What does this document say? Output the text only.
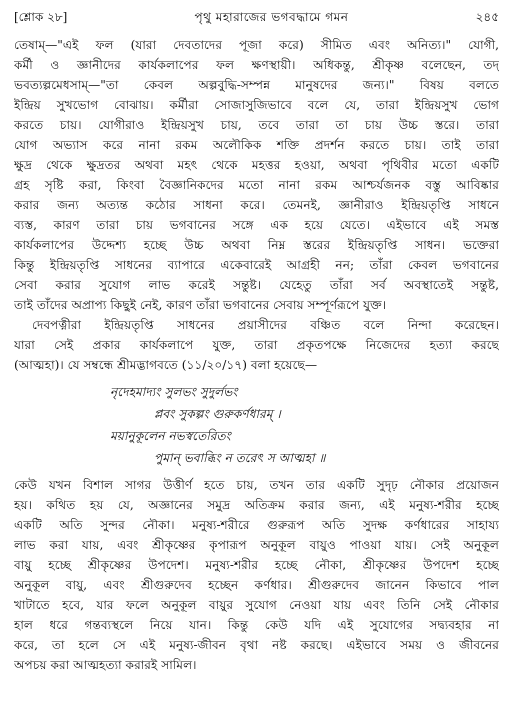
[শ্লোক ২৮]	পৃথু মহারাজের ভগবদ্ধামে গমন	২৪৫
তেষাম্‌—"এই ফল (যারা দেবতাদের পূজা করে) সীমিত এবং অনিত্য।" যোগী,
কর্মী ও জ্ঞানীদের কার্যকলাপের ফল ক্ষণস্থায়ী। অধিকন্তু, শ্রীকৃষ্ণ বলেছেন, তদ্‌
ভবত্যল্পমেধসাম্‌—"তা কেবল অল্পবুদ্ধি-সম্পন্ন মানুষদের জন্য।" বিষয় বলতে
ইন্দ্রিয় সুখভোগ বোঝায়। কর্মীরা সোজাসুজিভাবে বলে যে, তারা ইন্দ্রিয়সুখ ভোগ
করতে চায়। যোগীরাও ইন্দ্রিয়সুখ চায়, তবে তারা তা চায় উচ্চ স্তরে। তারা
যোগ অভ্যাস করে নানা রকম অলৌকিক শক্তি প্রদর্শন করতে চায়। তাই তারা
ক্ষুদ্র থেকে ক্ষুদ্রতর অথবা মহৎ থেকে মহত্তর হওয়া, অথবা পৃথিবীর মতো একটি
গ্রহ সৃষ্টি করা, কিংবা বৈজ্ঞানিকদের মতো নানা রকম আশ্চর্যজনক বস্তু আবিষ্কার
করার জন্য অত্যন্ত কঠোর সাধনা করে। তেমনই, জ্ঞানীরাও ইন্দ্রিয়তৃপ্তি সাধনে
ব্যস্ত, কারণ তারা চায় ভগবানের সঙ্গে এক হয়ে যেতে। এইভাবে এই সমস্ত
কার্যকলাপের উদ্দেশ্য হচ্ছে উচ্চ অথবা নিম্ন স্তরের ইন্দ্রিয়তৃপ্তি সাধন। ভক্তেরা
কিন্তু ইন্দ্রিয়তৃপ্তি সাধনের ব্যাপারে একেবারেই আগ্রহী নন; তাঁরা কেবল ভগবানের
সেবা করার সুযোগ লাভ করেই সন্তুষ্ট। যেহেতু তাঁরা সর্ব অবস্থাতেই সন্তুষ্ট,
তাই তাঁদের অপ্রাপ্য কিছুই নেই, কারণ তাঁরা ভগবানের সেবায় সম্পূর্ণরূপে যুক্ত।
দেবপত্নীরা ইন্দ্রিয়তৃপ্তি সাধনের প্রয়াসীদের বঞ্চিত বলে নিন্দা করেছেন।
যারা সেই প্রকার কার্যকলাপে যুক্ত, তারা প্রকৃতপক্ষে নিজেদের হত্যা করছে
(আত্মহা)। যে সম্বন্ধে শ্রীমদ্ভাগবতে (১১/২০/১৭) বলা হয়েছে—
নৃদেহমাদ্যং সুলভং সুদুর্লভং
প্লবং সুকল্পং গুরুকর্ণধারম্‌ ।
ময়ানুকূলেন নভস্বতেরিতং
পুমান্‌ ভবাব্ধিং ন তরেৎ স আত্মহা ॥
কেউ যখন বিশাল সাগর উত্তীর্ণ হতে চায়, তখন তার একটি সুদৃঢ় নৌকার প্রয়োজন
হয়। কথিত হয় যে, অজ্ঞানের সমুদ্র অতিক্রম করার জন্য, এই মনুষ্য-শরীর হচ্ছে
একটি অতি সুন্দর নৌকা। মনুষ্য-শরীরে গুরুরূপ অতি সুদক্ষ কর্ণধারের সাহায্য
লাভ করা যায়, এবং শ্রীকৃষ্ণের কৃপারূপ অনুকূল বায়ুও পাওয়া যায়। সেই অনুকূল
বায়ু হচ্ছে শ্রীকৃষ্ণের উপদেশ। মনুষ্য-শরীর হচ্ছে নৌকা, শ্রীকৃষ্ণের উপদেশ হচ্ছে
অনুকূল বায়ু, এবং শ্রীগুরুদেব হচ্ছেন কর্ণধার। শ্রীগুরুদেব জানেন কিভাবে পাল
খাটাতে হবে, যার ফলে অনুকূল বায়ুর সুযোগ নেওয়া যায় এবং তিনি সেই নৌকার
হাল ধরে গন্তব্যস্থলে নিয়ে যান। কিন্তু কেউ যদি এই সুযোগের সদ্ব্যবহার না
করে, তা হলে সে এই মনুষ্য-জীবন বৃথা নষ্ট করছে। এইভাবে সময় ও জীবনের
অপচয় করা আত্মহত্যা করারই সামিল।
